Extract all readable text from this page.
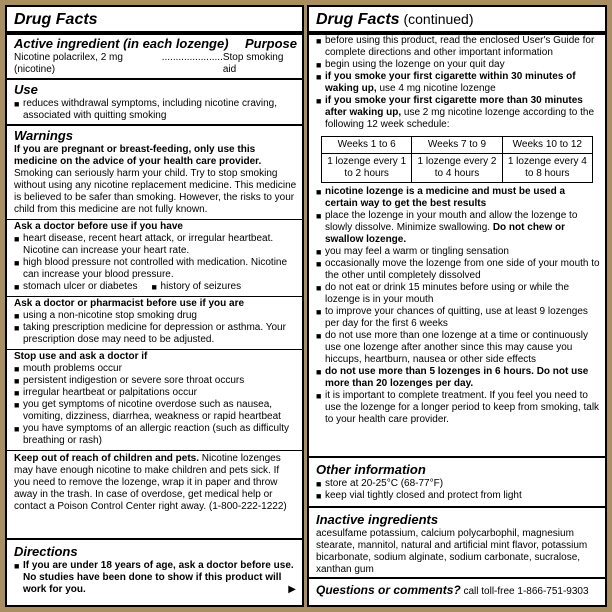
Drug Facts
Active ingredient (in each lozenge) Purpose
Nicotine polacrilex, 2 mg (nicotine)
...................... Stop smoking aid
Use
■ reduces withdrawal symptoms, including nicotine craving, associated with quitting smoking
Warnings
If you are pregnant or breast-feeding, only use this medicine on the advice of your health care provider. Smoking can seriously harm your child. Try to stop smoking without using any nicotine replacement medicine. This medicine is believed to be safer than smoking. However, the risks to your child from this medicine are not fully known.
Ask a doctor before use if you have
■ heart disease, recent heart attack, or irregular heartbeat. Nicotine can increase your heart rate.
■ high blood pressure not controlled with medication. Nicotine can increase your blood pressure.
■ stomach ulcer or diabetes ■ history of seizures
Ask a doctor or pharmacist before use if you are
■ using a non-nicotine stop smoking drug
■ taking prescription medicine for depression or asthma. Your prescription dose may need to be adjusted.
Stop use and ask a doctor if
■ mouth problems occur
■ persistent indigestion or severe sore throat occurs
■ irregular heartbeat or palpitations occur
■ you get symptoms of nicotine overdose such as nausea, vomiting, dizziness, diarrhea, weakness or rapid heartbeat
■ you have symptoms of an allergic reaction (such as difficulty breathing or rash)
Keep out of reach of children and pets. Nicotine lozenges may have enough nicotine to make children and pets sick. If you need to remove the lozenge, wrap it in paper and throw away in the trash. In case of overdose, get medical help or contact a Poison Control Center right away. (1-800-222-1222)
Directions
■ If you are under 18 years of age, ask a doctor before use. No studies have been done to show if this product will work for you.	▶
Drug Facts (continued)
■ before using this product, read the enclosed User's Guide for complete directions and other important information
■ begin using the lozenge on your quit day
■ if you smoke your first cigarette within 30 minutes of waking up, use 4 mg nicotine lozenge
■ if you smoke your first cigarette more than 30 minutes after waking up, use 2 mg nicotine lozenge according to the following 12 week schedule:
Weeks 1 to 6	Weeks 7 to 9	Weeks 10 to 12
1 lozenge every 1 to 2 hours	1 lozenge every 2 to 4 hours	1 lozenge every 4 to 8 hours
■ nicotine lozenge is a medicine and must be used a certain way to get the best results
■ place the lozenge in your mouth and allow the lozenge to slowly dissolve. Minimize swallowing. Do not chew or swallow lozenge.
■ you may feel a warm or tingling sensation
■ occasionally move the lozenge from one side of your mouth to the other until completely dissolved
■ do not eat or drink 15 minutes before using or while the lozenge is in your mouth
■ to improve your chances of quitting, use at least 9 lozenges per day for the first 6 weeks
■ do not use more than one lozenge at a time or continuously use one lozenge after another since this may cause you hiccups, heartburn, nausea or other side effects
■ do not use more than 5 lozenges in 6 hours. Do not use more than 20 lozenges per day.
■ it is important to complete treatment. If you feel you need to use the lozenge for a longer period to keep from smoking, talk to your health care provider.
Other information
■ store at 20-25°C (68-77°F)
■ keep vial tightly closed and protect from light
Inactive ingredients
acesulfame potassium, calcium polycarbophil, magnesium stearate, mannitol, natural and artificial mint flavor, potassium bicarbonate, sodium alginate, sodium carbonate, sucralose, xanthan gum
Questions or comments? call toll-free 1-866-751-9303
